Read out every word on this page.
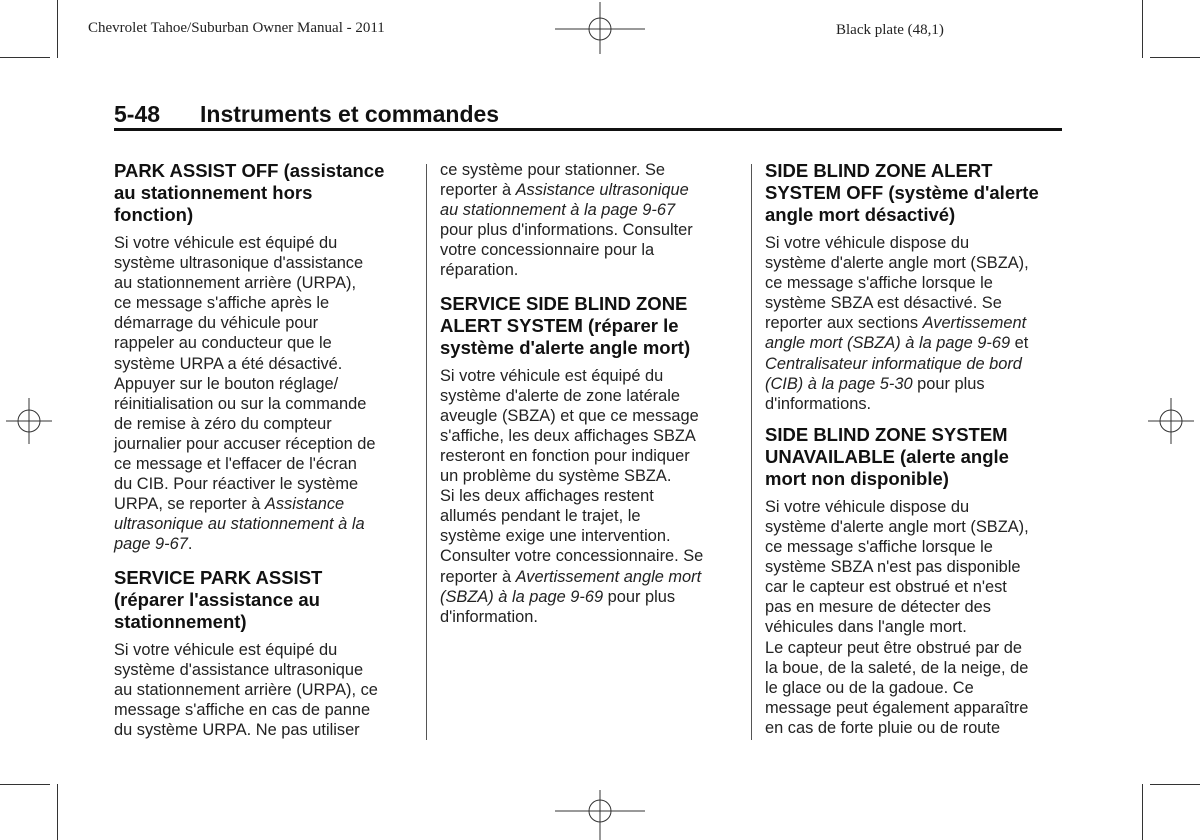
Chevrolet Tahoe/Suburban Owner Manual - 2011	Black plate (48,1)
5-48 Instruments et commandes
PARK ASSIST OFF (assistance
au stationnement hors
fonction)
Si votre véhicule est équipé du
système ultrasonique d'assistance
au stationnement arrière (URPA),
ce message s'affiche après le
démarrage du véhicule pour
rappeler au conducteur que le
système URPA a été désactivé.
Appuyer sur le bouton réglage/
réinitialisation ou sur la commande
de remise à zéro du compteur
journalier pour accuser réception de
ce message et l'effacer de l'écran
du CIB. Pour réactiver le système
URPA, se reporter à Assistance
ultrasonique au stationnement à la
page 9-67.
SERVICE PARK ASSIST
(réparer l'assistance au
stationnement)
Si votre véhicule est équipé du
système d'assistance ultrasonique
au stationnement arrière (URPA), ce
message s'affiche en cas de panne
du système URPA. Ne pas utiliser
ce système pour stationner. Se
reporter à Assistance ultrasonique
au stationnement à la page 9-67
pour plus d'informations. Consulter
votre concessionnaire pour la
réparation.
SERVICE SIDE BLIND ZONE
ALERT SYSTEM (réparer le
système d'alerte angle mort)
Si votre véhicule est équipé du
système d'alerte de zone latérale
aveugle (SBZA) et que ce message
s'affiche, les deux affichages SBZA
resteront en fonction pour indiquer
un problème du système SBZA.
Si les deux affichages restent
allumés pendant le trajet, le
système exige une intervention.
Consulter votre concessionnaire. Se
reporter à Avertissement angle mort
(SBZA) à la page 9-69 pour plus
d'information.
SIDE BLIND ZONE ALERT
SYSTEM OFF (système d'alerte
angle mort désactivé)
Si votre véhicule dispose du
système d'alerte angle mort (SBZA),
ce message s'affiche lorsque le
système SBZA est désactivé. Se
reporter aux sections Avertissement
angle mort (SBZA) à la page 9-69 et
Centralisateur informatique de bord
(CIB) à la page 5-30 pour plus
d'informations.
SIDE BLIND ZONE SYSTEM
UNAVAILABLE (alerte angle
mort non disponible)
Si votre véhicule dispose du
système d'alerte angle mort (SBZA),
ce message s'affiche lorsque le
système SBZA n'est pas disponible
car le capteur est obstrué et n'est
pas en mesure de détecter des
véhicules dans l'angle mort.
Le capteur peut être obstrué par de
la boue, de la saleté, de la neige, de
le glace ou de la gadoue. Ce
message peut également apparaître
en cas de forte pluie ou de route
